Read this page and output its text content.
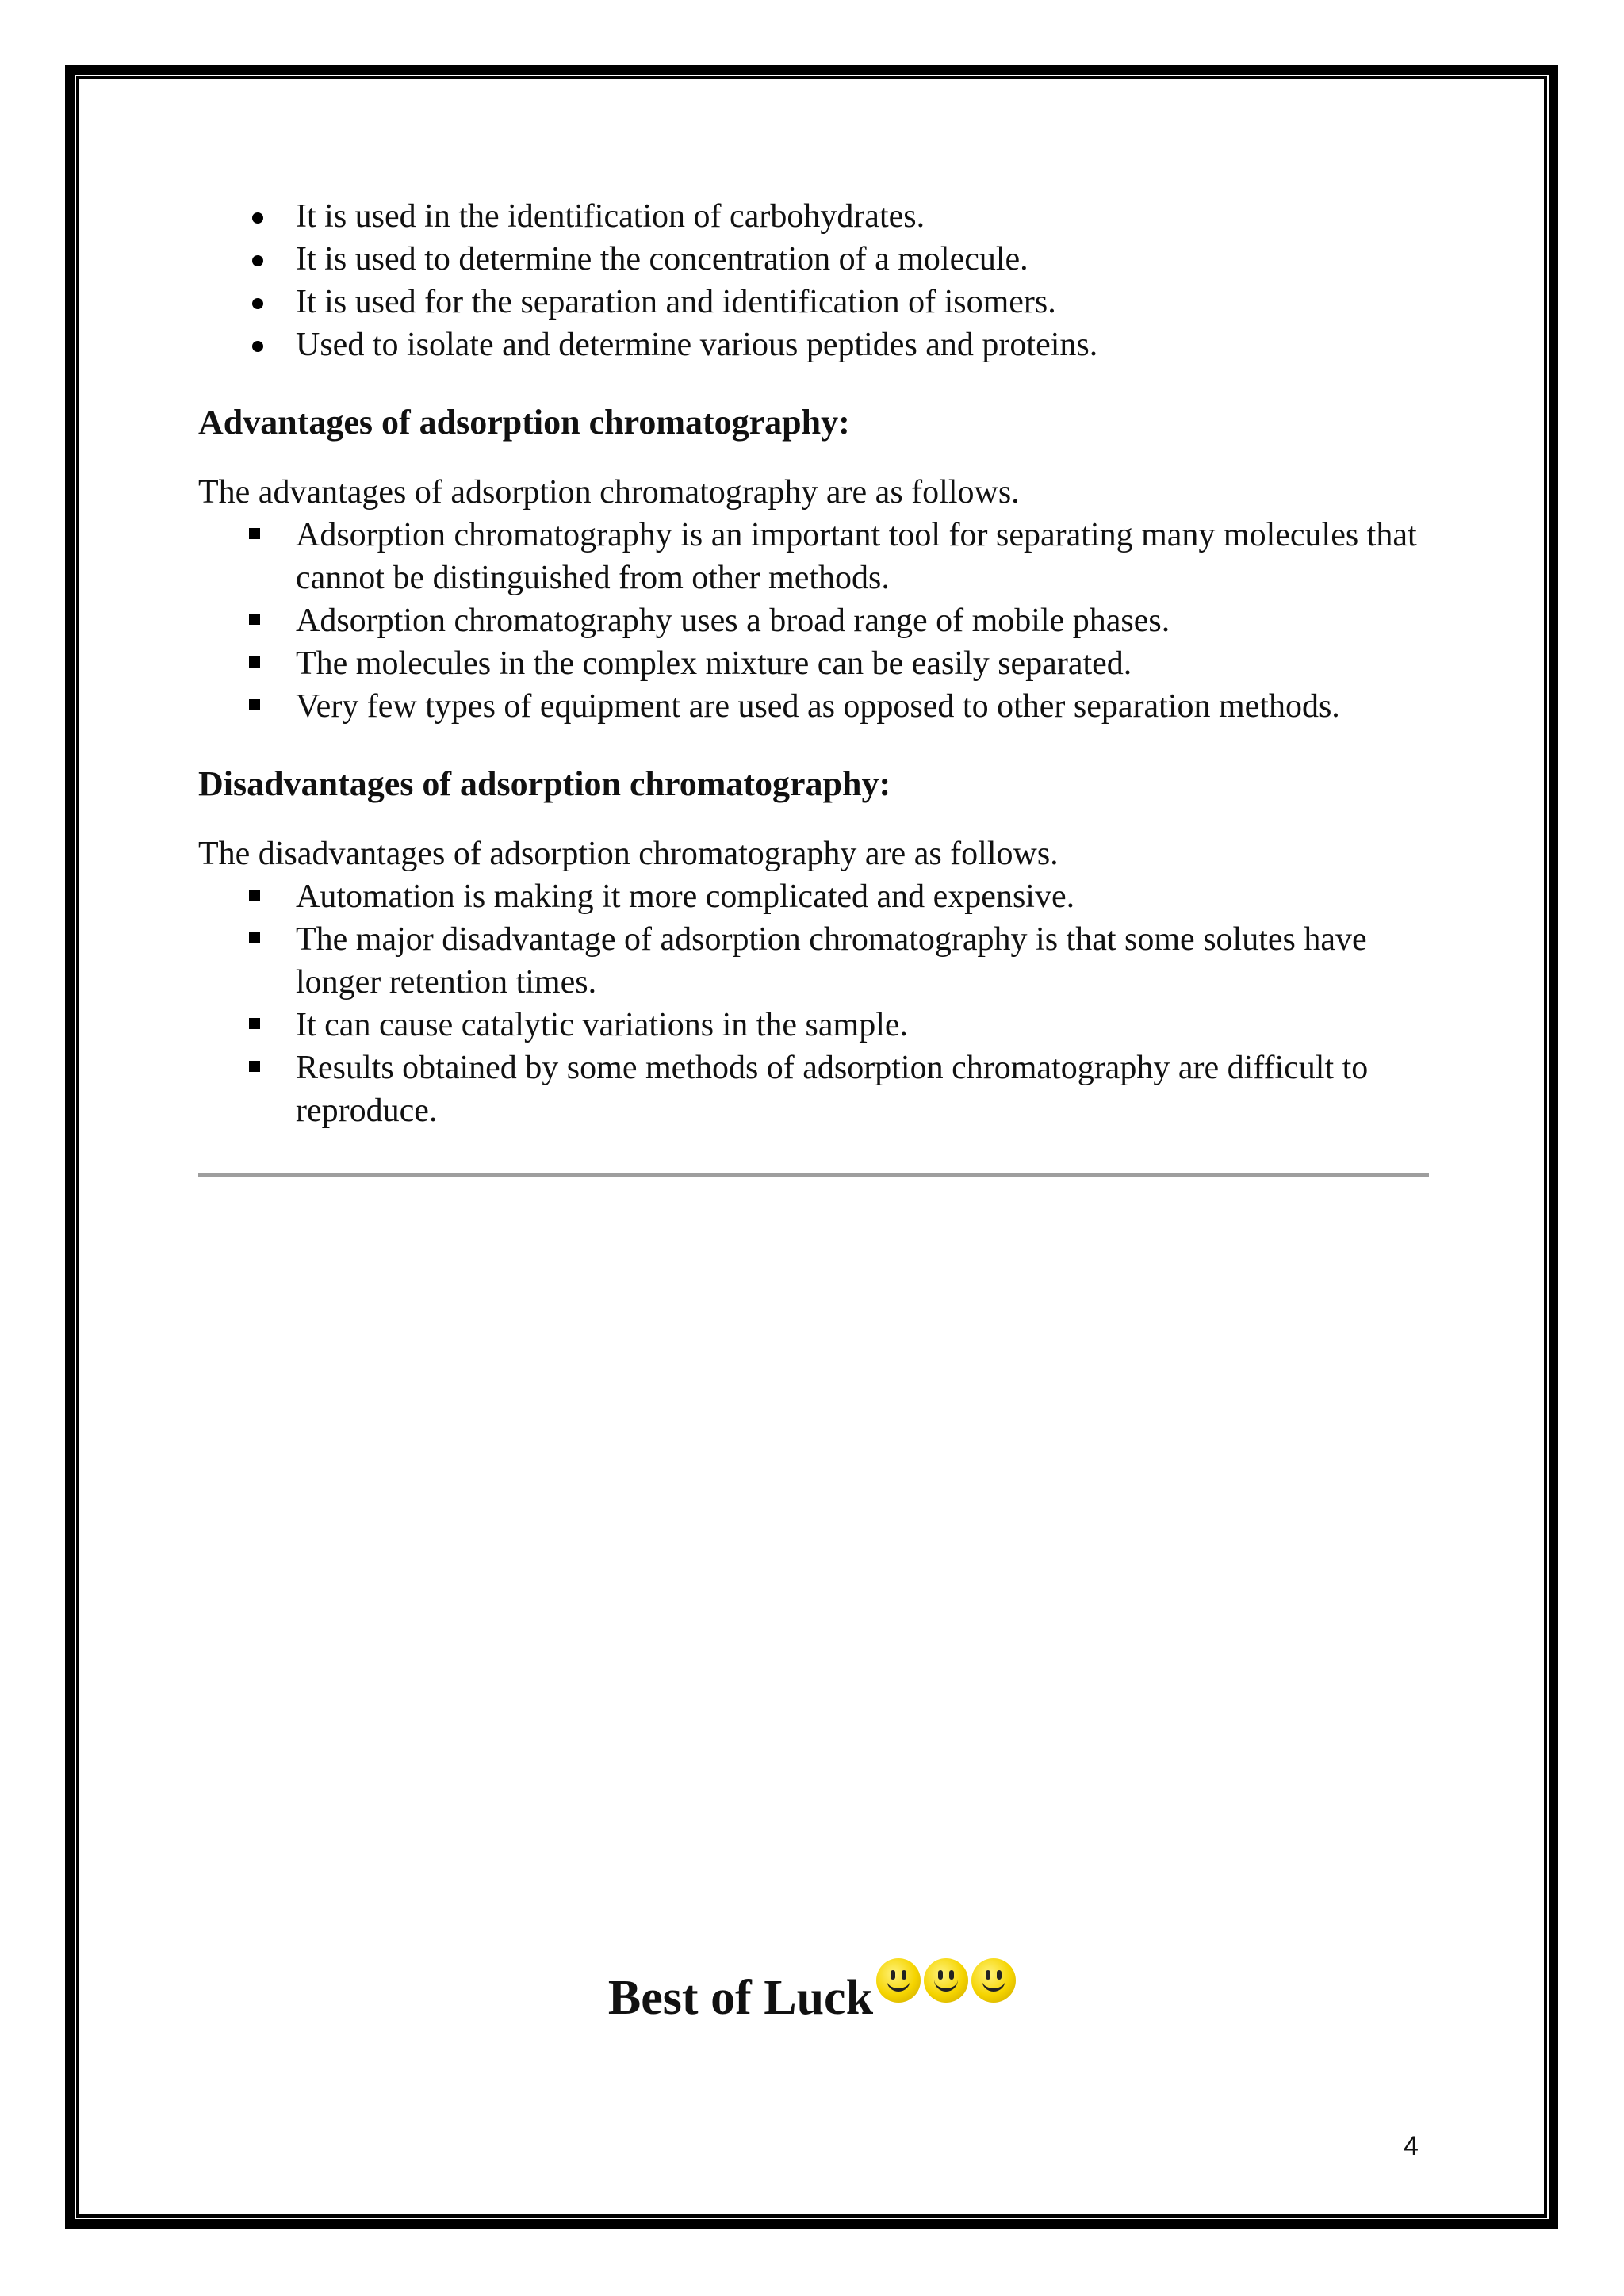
It is used in the identification of carbohydrates.
It is used to determine the concentration of a molecule.
It is used for the separation and identification of isomers.
Used to isolate and determine various peptides and proteins.
Advantages of adsorption chromatography:

The advantages of adsorption chromatography are as follows.

Adsorption chromatography is an important tool for separating many molecules that cannot be distinguished from other methods.
Adsorption chromatography uses a broad range of mobile phases.
The molecules in the complex mixture can be easily separated.
Very few types of equipment are used as opposed to other separation methods.
Disadvantages of adsorption chromatography:

The disadvantages of adsorption chromatography are as follows.

Automation is making it more complicated and expensive.
The major disadvantage of adsorption chromatography is that some solutes have longer retention times.
It can cause catalytic variations in the sample.
Results obtained by some methods of adsorption chromatography are difficult to reproduce.
Best of Luck
4
